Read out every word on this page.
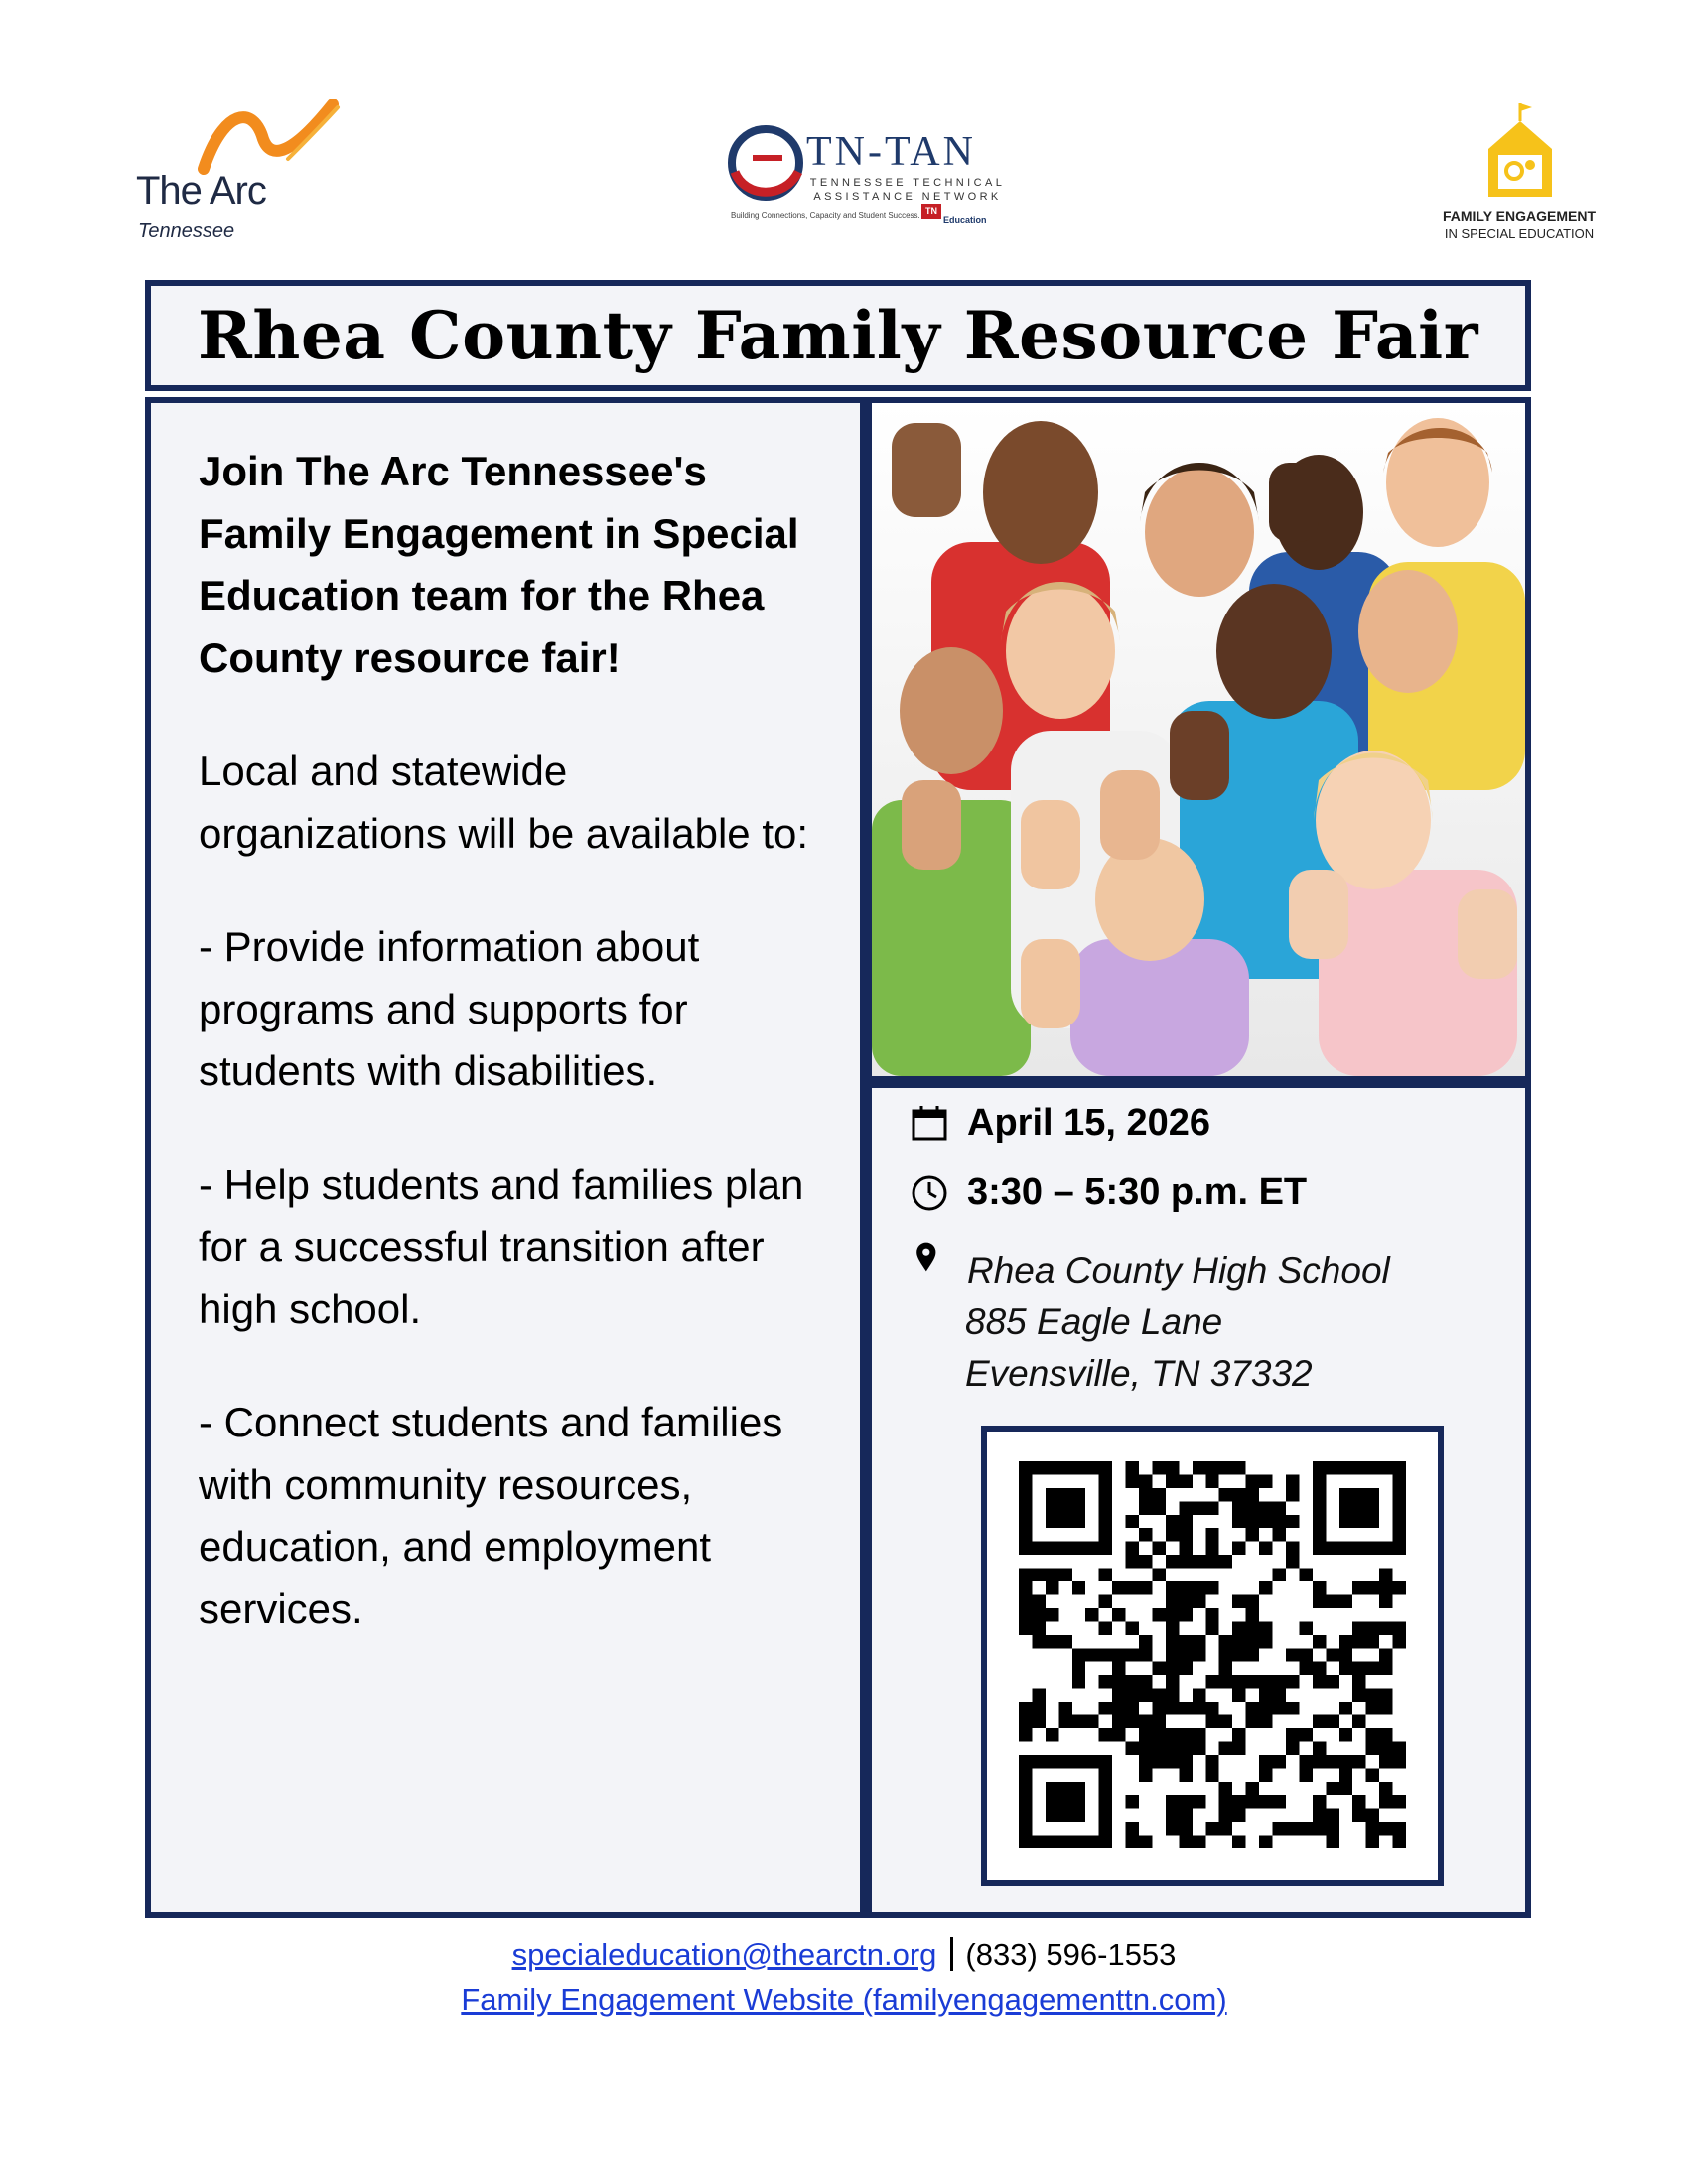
The Arc
Tennessee
TN-TAN
TENNESSEE TECHNICAL
ASSISTANCE NETWORK
Building Connections, Capacity and Student Success. TN
Education	FAMILY ENGAGEMENT
IN SPECIAL EDUCATION
Rhea County Family Resource Fair

Join The Arc Tennessee's Family Engagement in Special Education team for the Rhea County resource fair!

Local and statewide organizations will be available to:

- Provide information about programs and supports for students with disabilities.

- Help students and families plan for a successful transition after high school.

- Connect students and families with community resources, education, and employment services.

April 15, 2026
3:30 – 5:30 p.m. ET
Rhea County High School
885 Eagle Lane
Evensville, TN 37332
specialeducation@thearctn.org (833) 596-1553
Family Engagement Website (familyengagementtn.com)
